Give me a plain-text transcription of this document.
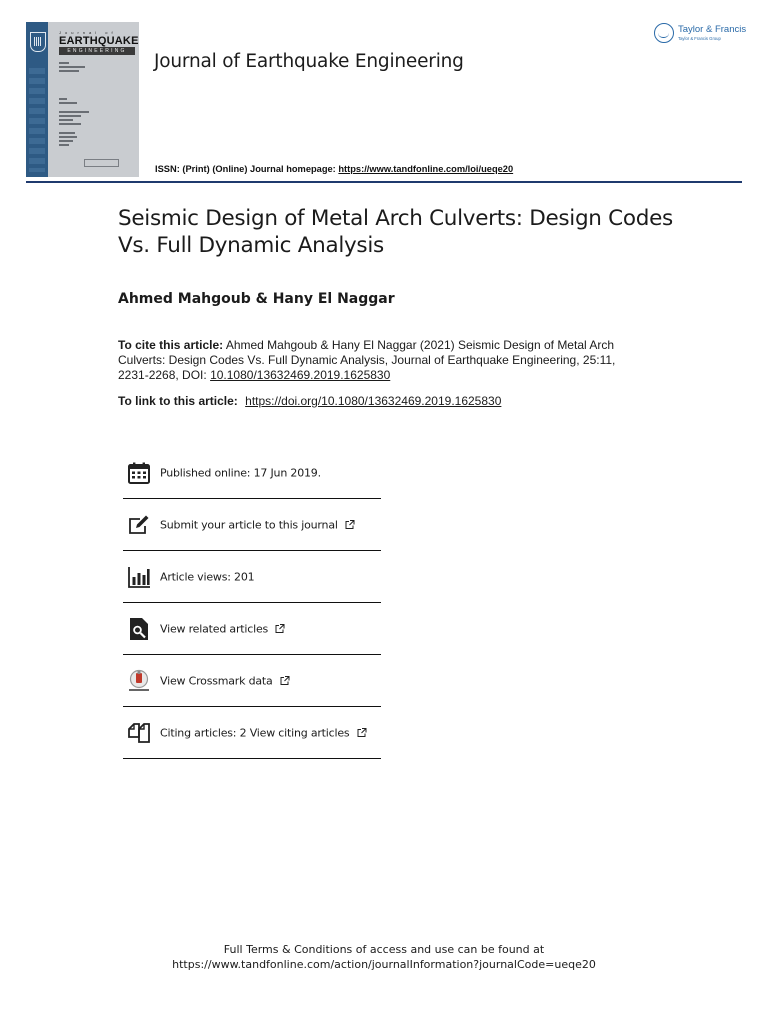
Journal of
EARTHQUAKE
ENGINEERING	Journal of Earthquake Engineering
ISSN: (Print) (Online) Journal homepage: https://www.tandfonline.com/loi/ueqe20
Taylor & Francis
Taylor & Francis Group
Seismic Design of Metal Arch Culverts: Design Codes Vs. Full Dynamic Analysis
Ahmed Mahgoub & Hany El Naggar
To cite this article: Ahmed Mahgoub & Hany El Naggar (2021) Seismic Design of Metal Arch Culverts: Design Codes Vs. Full Dynamic Analysis, Journal of Earthquake Engineering, 25:11, 2231-2268, DOI: 10.1080/13632469.2019.1625830
To link to this article: https://doi.org/10.1080/13632469.2019.1625830
Published online: 17 Jun 2019.
Submit your article to this journal
Article views: 201
View related articles
View Crossmark data
Citing articles: 2 View citing articles
Full Terms & Conditions of access and use can be found at
https://www.tandfonline.com/action/journalInformation?journalCode=ueqe20
